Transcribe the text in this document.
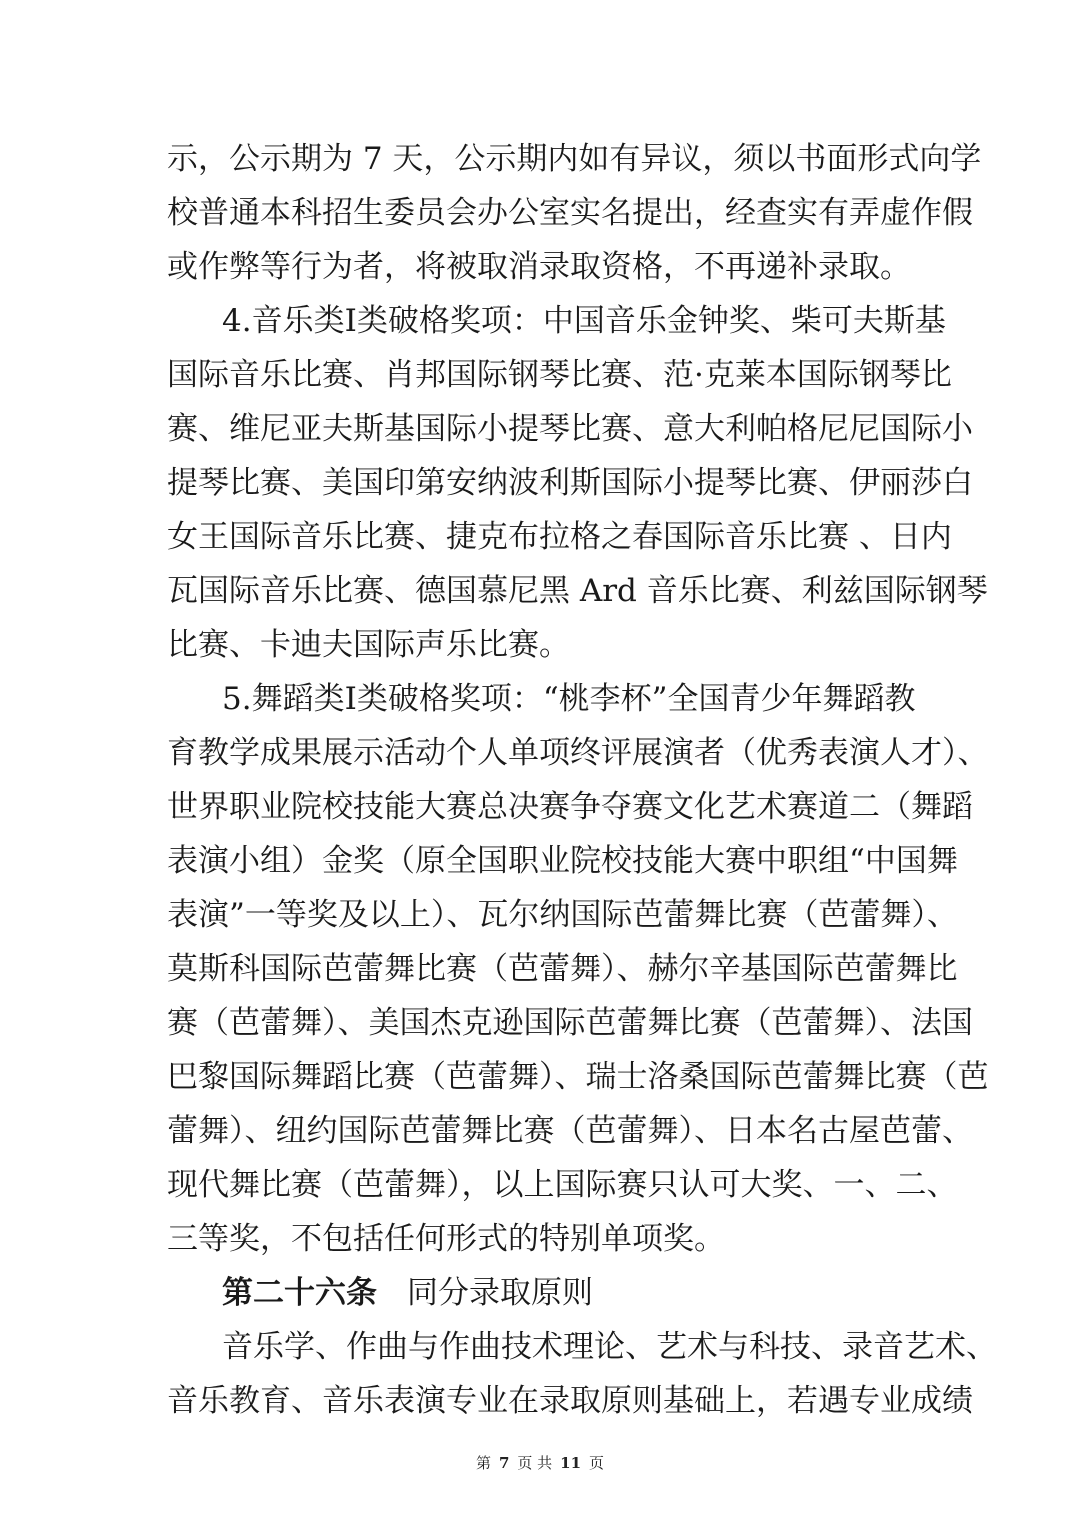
示，公示期为 7 天，公示期内如有异议，须以书面形式向学
校普通本科招生委员会办公室实名提出，经查实有弄虚作假
或作弊等行为者，将被取消录取资格，不再递补录取。
4.音乐类Ⅰ类破格奖项：中国音乐金钟奖、柴可夫斯基
国际音乐比赛、肖邦国际钢琴比赛、范·克莱本国际钢琴比
赛、维尼亚夫斯基国际小提琴比赛、意大利帕格尼尼国际小
提琴比赛、美国印第安纳波利斯国际小提琴比赛、伊丽莎白
女王国际音乐比赛、捷克布拉格之春国际音乐比赛 、日内
瓦国际音乐比赛、德国慕尼黑 Ard 音乐比赛、利兹国际钢琴
比赛、卡迪夫国际声乐比赛。
5.舞蹈类Ⅰ类破格奖项：“桃李杯”全国青少年舞蹈教
育教学成果展示活动个人单项终评展演者（优秀表演人才）、
世界职业院校技能大赛总决赛争夺赛文化艺术赛道二（舞蹈
表演小组）金奖（原全国职业院校技能大赛中职组“中国舞
表演”一等奖及以上）、瓦尔纳国际芭蕾舞比赛（芭蕾舞）、
莫斯科国际芭蕾舞比赛（芭蕾舞）、赫尔辛基国际芭蕾舞比
赛（芭蕾舞）、美国杰克逊国际芭蕾舞比赛（芭蕾舞）、法国
巴黎国际舞蹈比赛（芭蕾舞）、瑞士洛桑国际芭蕾舞比赛（芭
蕾舞）、纽约国际芭蕾舞比赛（芭蕾舞）、日本名古屋芭蕾、
现代舞比赛（芭蕾舞），以上国际赛只认可大奖、一、二、
三等奖，不包括任何形式的特别单项奖。
第二十六条 同分录取原则
音乐学、作曲与作曲技术理论、艺术与科技、录音艺术、
音乐教育、音乐表演专业在录取原则基础上，若遇专业成绩
第 7 页 共 11 页
